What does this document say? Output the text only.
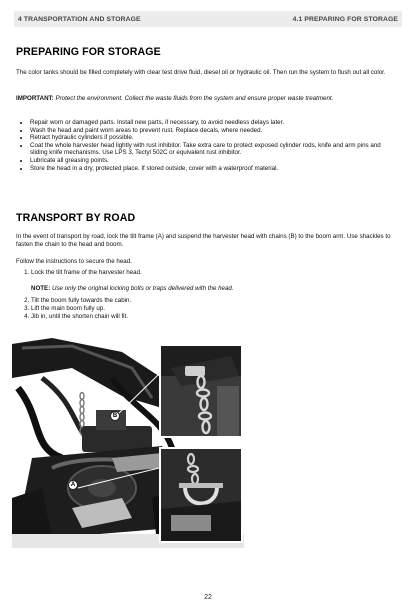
4 TRANSPORTATION AND STORAGE	4.1 PREPARING FOR STORAGE
PREPARING FOR STORAGE

The color tanks should be filled completely with clear test drive fluid, diesel oil or hydraulic oil. Then run the system to flush out all color.

IMPORTANT: Protect the environment. Collect the waste fluids from the system and ensure proper waste treatment.

• Repair worn or damaged parts. Install new parts, if necessary, to avoid needless delays later.
• Wash the head and paint worn areas to prevent rust. Replace decals, where needed.
• Retract hydraulic cylinders if possible.
• Coat the whole harvester head lightly with rust inhibitor. Take extra care to protect exposed cylinder rods, knife and arm pins and sliding knife mechanisms. Use LPS 3, Tectyl 502C or equivalent rust inhibitor.
• Lubricate all greasing points.
• Store the head in a dry, protected place. If stored outside, cover with a waterproof material.
TRANSPORT BY ROAD

In the event of transport by road, lock the tilt frame (A) and suspend the harvester head with chains (B) to the boom arm. Use shackles to fasten the chain to the head and boom.

Follow the instructions to secure the head.

1. Lock the tilt frame of the harvester head.
NOTE: Use only the original locking bolts or traps delivered with the head.
2. Tilt the boom fully towards the cabin.
3. Lift the main boom fully up.
4. Jib in, until the shorten chain will fit.
B
A
22
